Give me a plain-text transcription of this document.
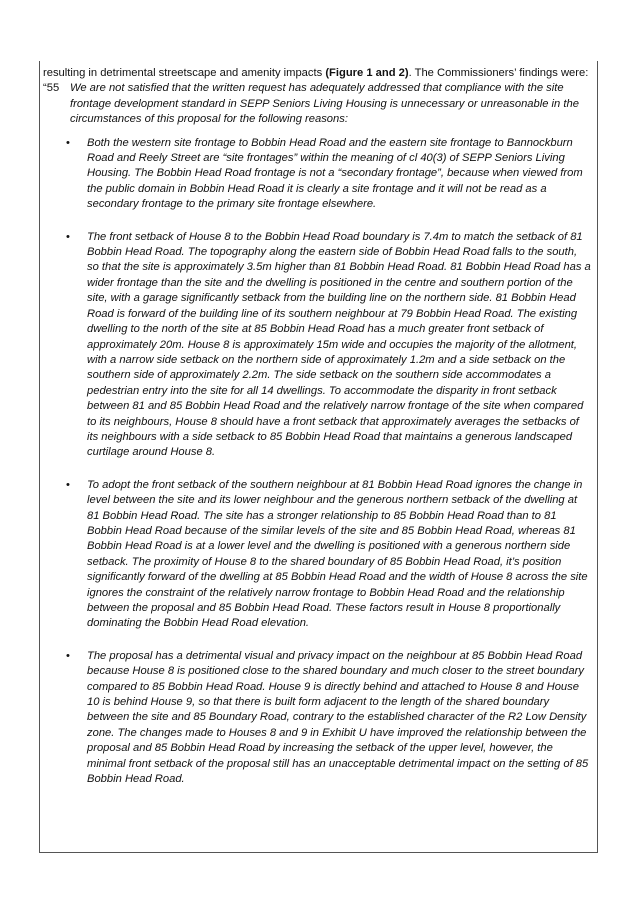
resulting in detrimental streetscape and amenity impacts (Figure 1 and 2). The Commissioners’ findings were:

“55 We are not satisfied that the written request has adequately addressed that compliance with the site frontage development standard in SEPP Seniors Living Housing is unnecessary or unreasonable in the circumstances of this proposal for the following reasons:
• Both the western site frontage to Bobbin Head Road and the eastern site frontage to Bannockburn Road and Reely Street are “site frontages” within the meaning of cl 40(3) of SEPP Seniors Living Housing. The Bobbin Head Road frontage is not a “secondary frontage”, because when viewed from the public domain in Bobbin Head Road it is clearly a site frontage and it will not be read as a secondary frontage to the primary site frontage elsewhere.
• The front setback of House 8 to the Bobbin Head Road boundary is 7.4m to match the setback of 81 Bobbin Head Road. The topography along the eastern side of Bobbin Head Road falls to the south, so that the site is approximately 3.5m higher than 81 Bobbin Head Road. 81 Bobbin Head Road has a wider frontage than the site and the dwelling is positioned in the centre and southern portion of the site, with a garage significantly setback from the building line on the northern side. 81 Bobbin Head Road is forward of the building line of its southern neighbour at 79 Bobbin Head Road. The existing dwelling to the north of the site at 85 Bobbin Head Road has a much greater front setback of approximately 20m. House 8 is approximately 15m wide and occupies the majority of the allotment, with a narrow side setback on the northern side of approximately 1.2m and a side setback on the southern side of approximately 2.2m. The side setback on the southern side accommodates a pedestrian entry into the site for all 14 dwellings. To accommodate the disparity in front setback between 81 and 85 Bobbin Head Road and the relatively narrow frontage of the site when compared to its neighbours, House 8 should have a front setback that approximately averages the setbacks of its neighbours with a side setback to 85 Bobbin Head Road that maintains a generous landscaped curtilage around House 8.
• To adopt the front setback of the southern neighbour at 81 Bobbin Head Road ignores the change in level between the site and its lower neighbour and the generous northern setback of the dwelling at 81 Bobbin Head Road. The site has a stronger relationship to 85 Bobbin Head Road than to 81 Bobbin Head Road because of the similar levels of the site and 85 Bobbin Head Road, whereas 81 Bobbin Head Road is at a lower level and the dwelling is positioned with a generous northern side setback. The proximity of House 8 to the shared boundary of 85 Bobbin Head Road, it’s position significantly forward of the dwelling at 85 Bobbin Head Road and the width of House 8 across the site ignores the constraint of the relatively narrow frontage to Bobbin Head Road and the relationship between the proposal and 85 Bobbin Head Road. These factors result in House 8 proportionally dominating the Bobbin Head Road elevation.
• The proposal has a detrimental visual and privacy impact on the neighbour at 85 Bobbin Head Road because House 8 is positioned close to the shared boundary and much closer to the street boundary compared to 85 Bobbin Head Road. House 9 is directly behind and attached to House 8 and House 10 is behind House 9, so that there is built form adjacent to the length of the shared boundary between the site and 85 Boundary Road, contrary to the established character of the R2 Low Density zone. The changes made to Houses 8 and 9 in Exhibit U have improved the relationship between the proposal and 85 Bobbin Head Road by increasing the setback of the upper level, however, the minimal front setback of the proposal still has an unacceptable detrimental impact on the setting of 85 Bobbin Head Road.
